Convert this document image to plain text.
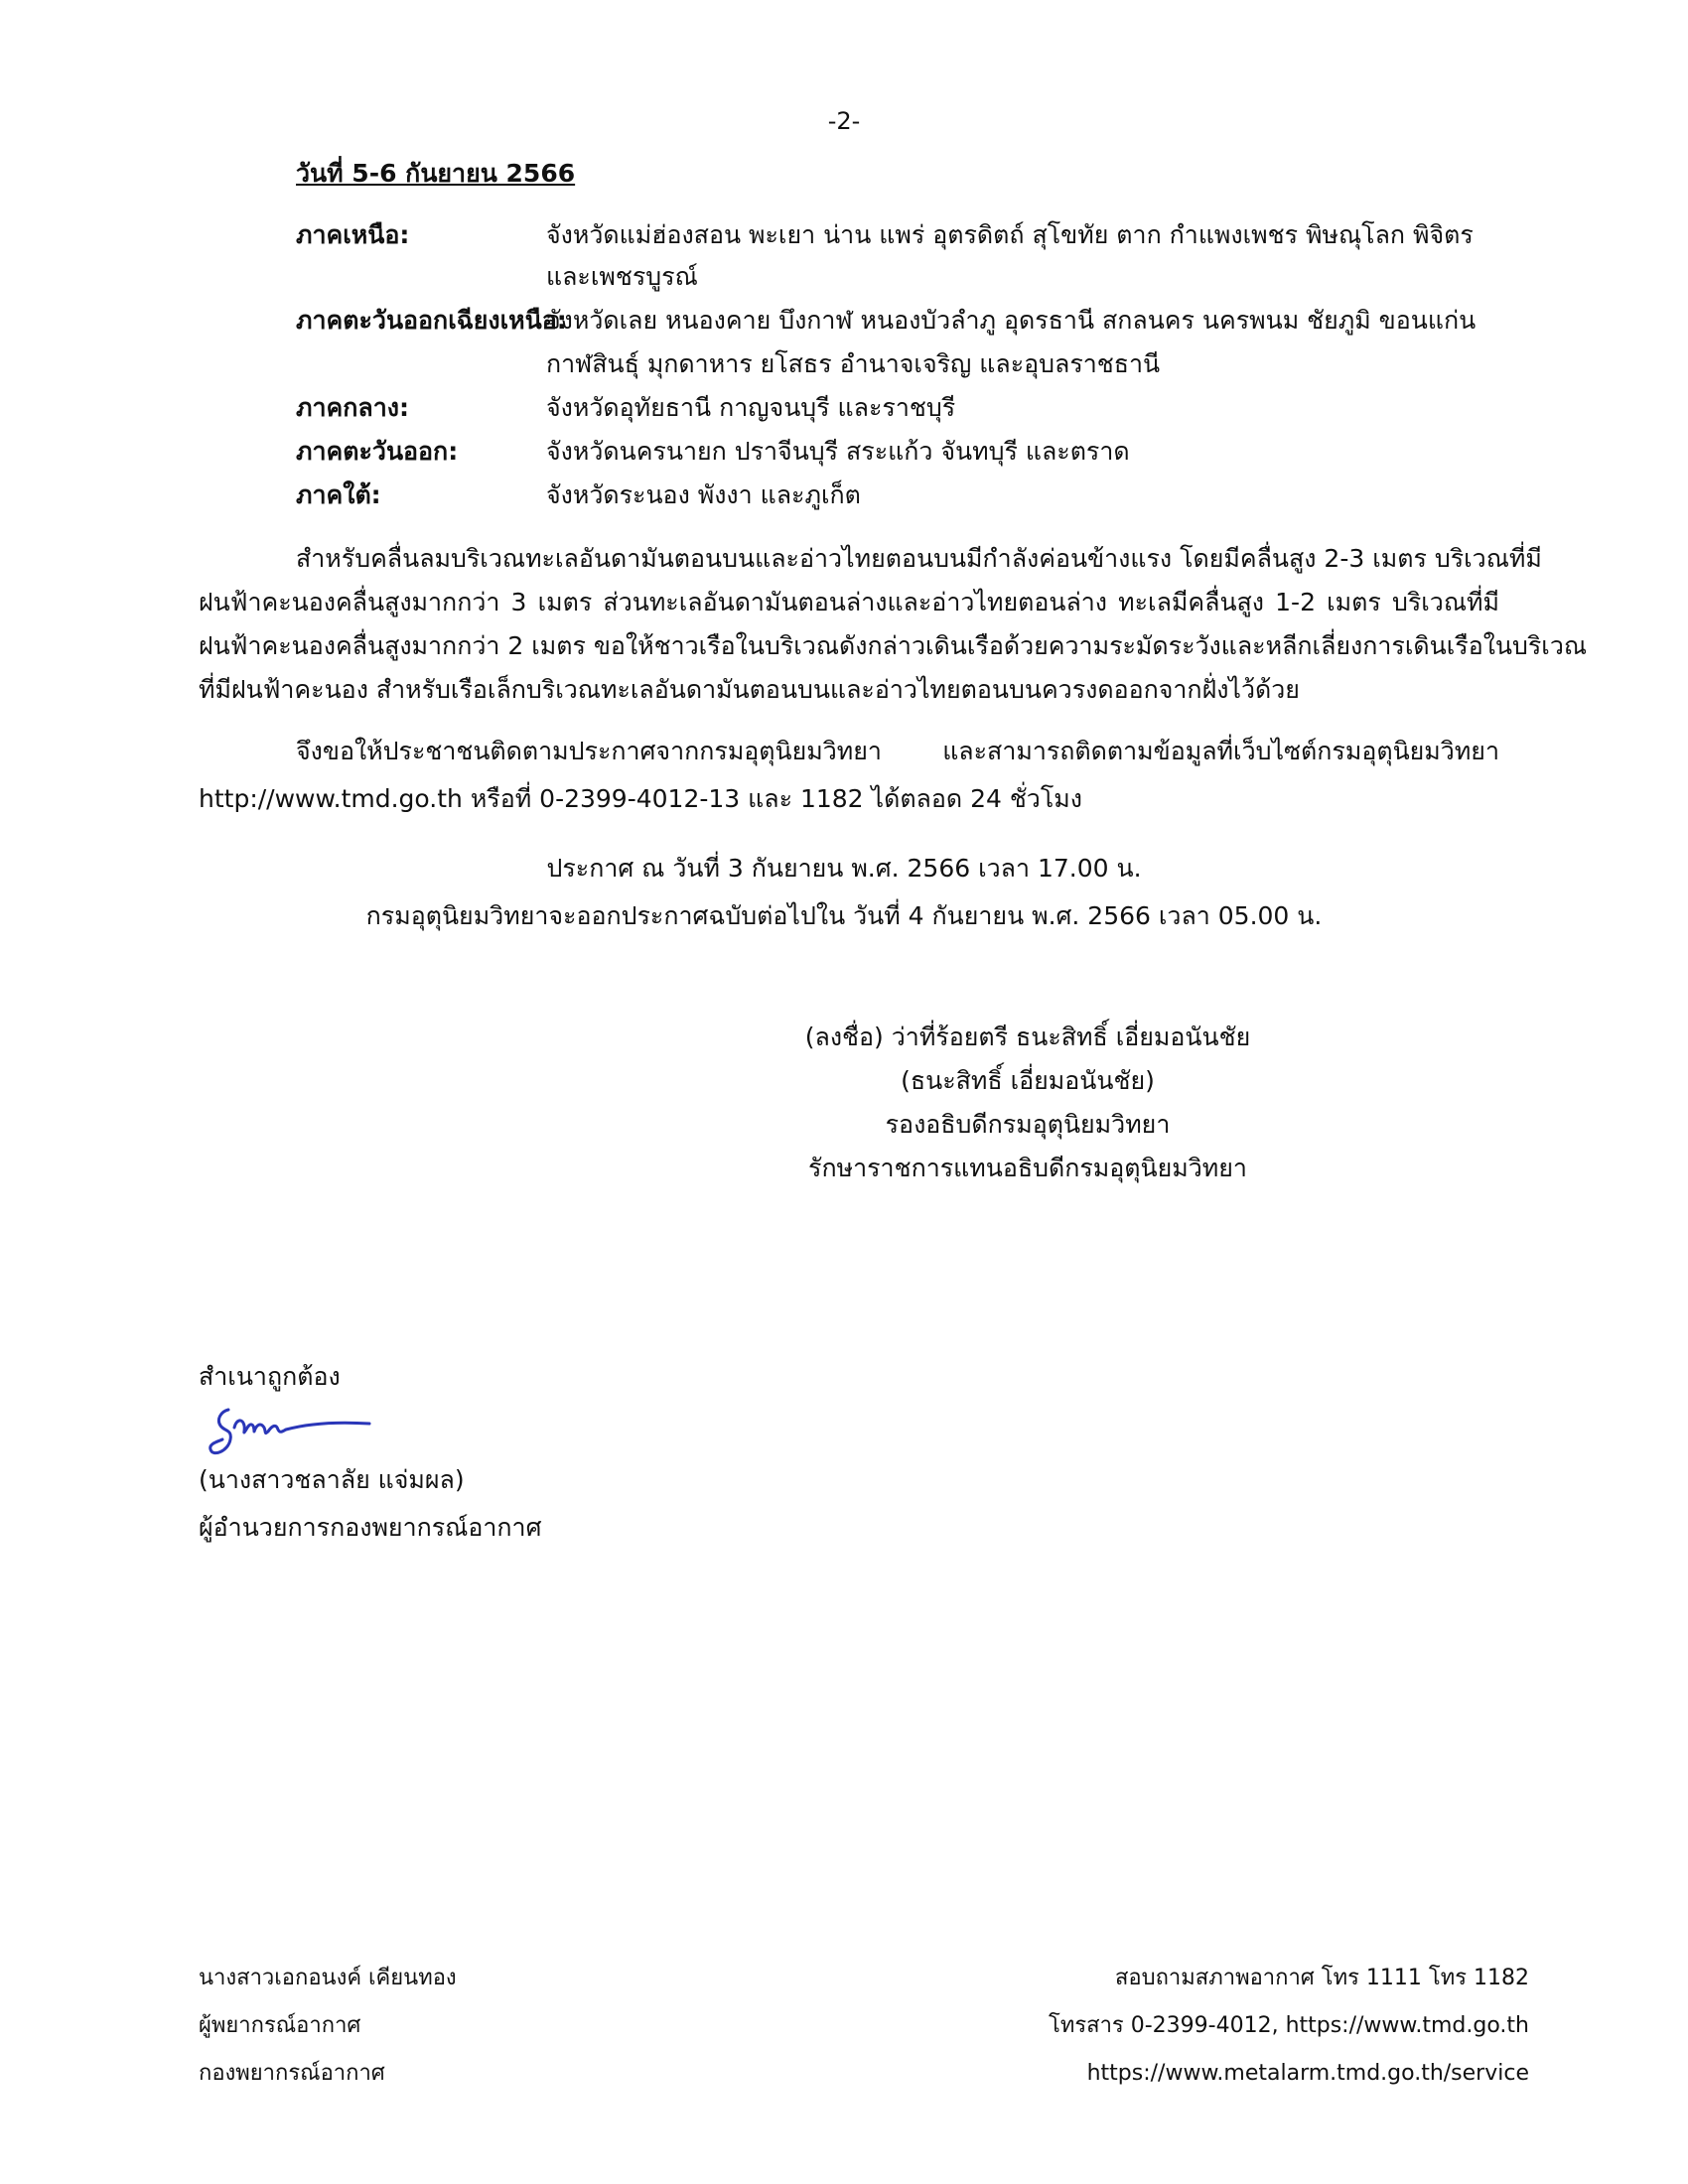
-2-
วันที่ 5-6 กันยายน 2566
ภาคเหนือ:	จังหวัดแม่ฮ่องสอน พะเยา น่าน แพร่ อุตรดิตถ์ สุโขทัย ตาก กำแพงเพชร พิษณุโลก พิจิตร
และเพชรบูรณ์
ภาคตะวันออกเฉียงเหนือ:
จังหวัดเลย หนองคาย บึงกาฬ หนองบัวลำภู อุดรธานี สกลนคร นครพนม ชัยภูมิ ขอนแก่น
กาฬสินธุ์ มุกดาหาร ยโสธร อำนาจเจริญ และอุบลราชธานี
ภาคกลาง:	จังหวัดอุทัยธานี กาญจนบุรี และราชบุรี
ภาคตะวันออก:	จังหวัดนครนายก ปราจีนบุรี สระแก้ว จันทบุรี และตราด
ภาคใต้:	จังหวัดระนอง พังงา และภูเก็ต
สำหรับคลื่นลมบริเวณทะเลอันดามันตอนบนและอ่าวไทยตอนบนมีกำลังค่อนข้างแรง โดยมีคลื่นสูง 2-3 เมตร บริเวณที่มี
ฝนฟ้าคะนองคลื่นสูงมากกว่า 3 เมตร ส่วนทะเลอันดามันตอนล่างและอ่าวไทยตอนล่าง ทะเลมีคลื่นสูง 1-2 เมตร บริเวณที่มี
ฝนฟ้าคะนองคลื่นสูงมากกว่า 2 เมตร ขอให้ชาวเรือในบริเวณดังกล่าวเดินเรือด้วยความระมัดระวังและหลีกเลี่ยงการเดินเรือในบริเวณ
ที่มีฝนฟ้าคะนอง สำหรับเรือเล็กบริเวณทะเลอันดามันตอนบนและอ่าวไทยตอนบนควรงดออกจากฝั่งไว้ด้วย
จึงขอให้ประชาชนติดตามประกาศจากกรมอุตุนิยมวิทยา และสามารถติดตามข้อมูลที่เว็บไซต์กรมอุตุนิยมวิทยา
http://www.tmd.go.th หรือที่ 0-2399-4012-13 และ 1182 ได้ตลอด 24 ชั่วโมง
ประกาศ ณ วันที่ 3 กันยายน พ.ศ. 2566 เวลา 17.00 น.
กรมอุตุนิยมวิทยาจะออกประกาศฉบับต่อไปใน วันที่ 4 กันยายน พ.ศ. 2566 เวลา 05.00 น.
(ลงชื่อ) ว่าที่ร้อยตรี ธนะสิทธิ์ เอี่ยมอนันชัย
(ธนะสิทธิ์ เอี่ยมอนันชัย)
รองอธิบดีกรมอุตุนิยมวิทยา
รักษาราชการแทนอธิบดีกรมอุตุนิยมวิทยา
สำเนาถูกต้อง
(นางสาวชลาลัย แจ่มผล)
ผู้อำนวยการกองพยากรณ์อากาศ
นางสาวเอกอนงค์ เคียนทอง
ผู้พยากรณ์อากาศ
กองพยากรณ์อากาศ
สอบถามสภาพอากาศ โทร 1111 โทร 1182
โทรสาร 0-2399-4012, https://www.tmd.go.th
https://www.metalarm.tmd.go.th/service
